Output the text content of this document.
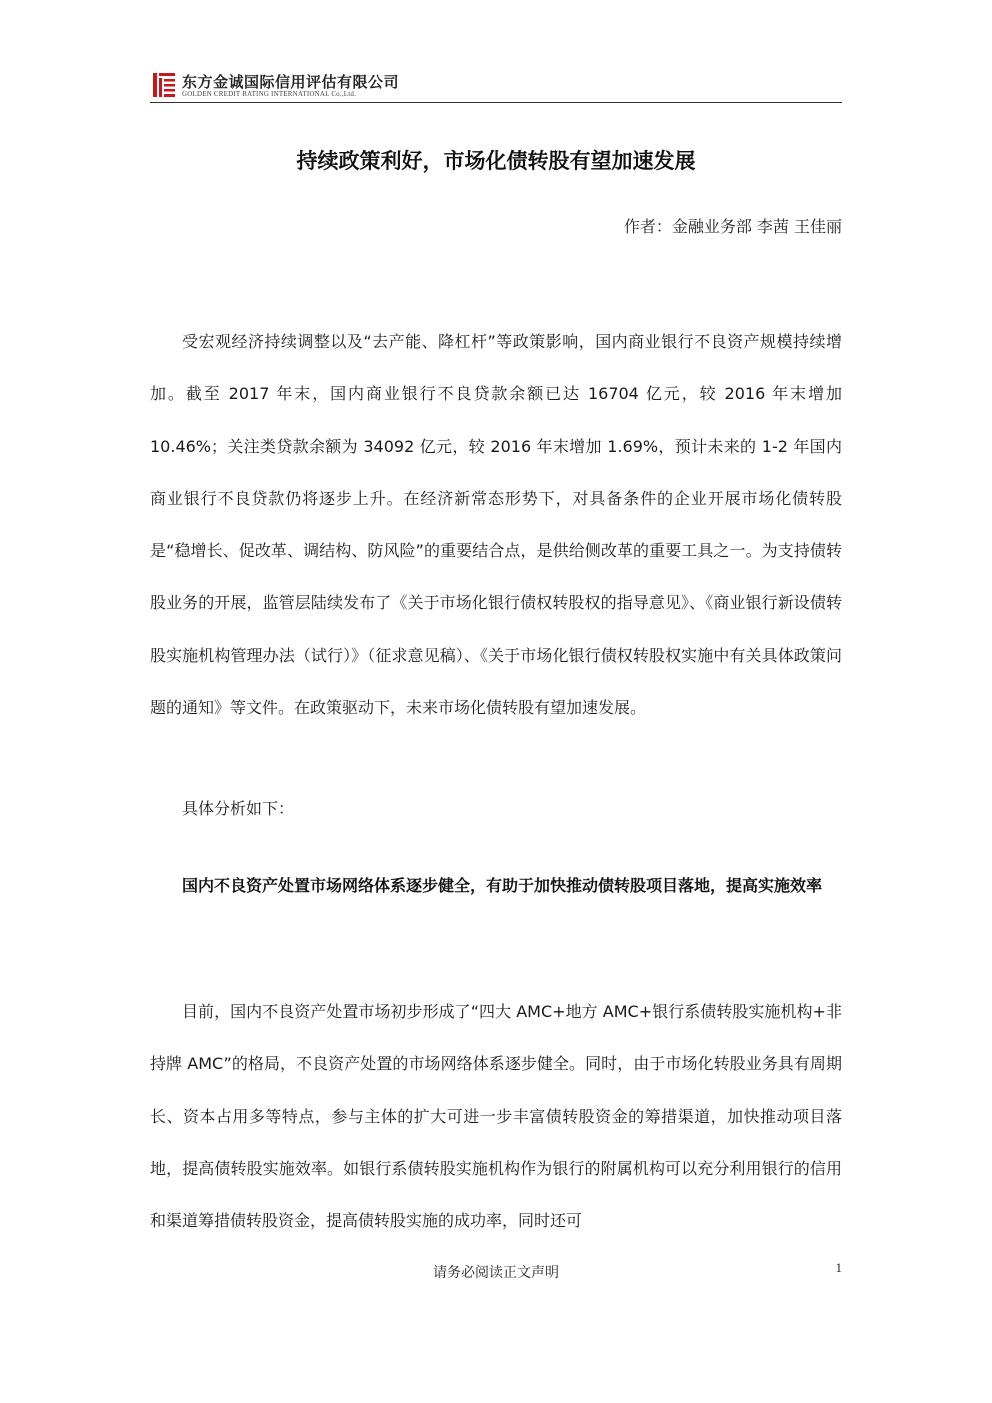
东方金诚国际信用评估有限公司
GOLDEN CREDIT RATING INTERNATIONAL Co.,Ltd.
持续政策利好，市场化债转股有望加速发展
作者：金融业务部 李茜 王佳丽

受宏观经济持续调整以及“去产能、降杠杆”等政策影响，国内商业银行不良资产规模持续增加。截至 2017 年末，国内商业银行不良贷款余额已达 16704 亿元，较 2016 年末增加 10.46%；关注类贷款余额为 34092 亿元，较 2016 年末增加 1.69%，预计未来的 1-2 年国内商业银行不良贷款仍将逐步上升。在经济新常态形势下，对具备条件的企业开展市场化债转股是“稳增长、促改革、调结构、防风险”的重要结合点，是供给侧改革的重要工具之一。为支持债转股业务的开展，监管层陆续发布了《关于市场化银行债权转股权的指导意见》、《商业银行新设债转股实施机构管理办法（试行）》（征求意见稿）、《关于市场化银行债权转股权实施中有关具体政策问题的通知》等文件。在政策驱动下，未来市场化债转股有望加速发展。

具体分析如下：

国内不良资产处置市场网络体系逐步健全，有助于加快推动债转股项目落地，提高实施效率

目前，国内不良资产处置市场初步形成了“四大 AMC+地方 AMC+银行系债转股实施机构+非持牌 AMC”的格局，不良资产处置的市场网络体系逐步健全。同时，由于市场化转股业务具有周期长、资本占用多等特点，参与主体的扩大可进一步丰富债转股资金的筹措渠道，加快推动项目落地，提高债转股实施效率。如银行系债转股实施机构作为银行的附属机构可以充分利用银行的信用和渠道筹措债转股资金，提高债转股实施的成功率，同时还可

请务必阅读正文声明	1
